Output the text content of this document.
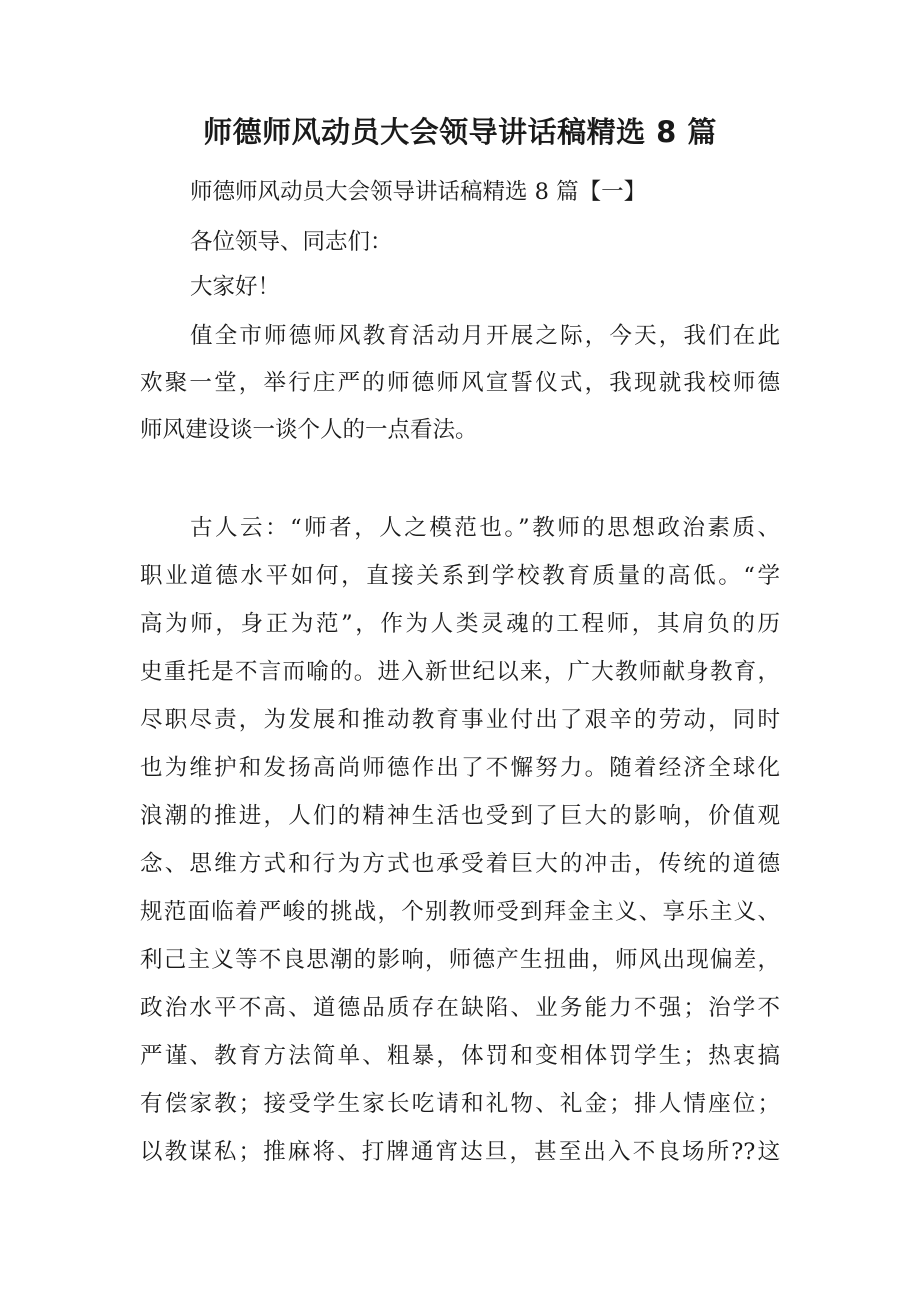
师德师风动员大会领导讲话稿精选 8 篇

师德师风动员大会领导讲话稿精选 8 篇【一】

各位领导、同志们：

大家好！

值全市师德师风教育活动月开展之际，今天，我们在此

欢聚一堂，举行庄严的师德师风宣誓仪式，我现就我校师德

师风建设谈一谈个人的一点看法。

古人云：“师者，人之模范也。”教师的思想政治素质、

职业道德水平如何，直接关系到学校教育质量的高低。“学

高为师，身正为范”，作为人类灵魂的工程师，其肩负的历

史重托是不言而喻的。进入新世纪以来，广大教师献身教育，

尽职尽责，为发展和推动教育事业付出了艰辛的劳动，同时

也为维护和发扬高尚师德作出了不懈努力。随着经济全球化

浪潮的推进，人们的精神生活也受到了巨大的影响，价值观

念、思维方式和行为方式也承受着巨大的冲击，传统的道德

规范面临着严峻的挑战，个别教师受到拜金主义、享乐主义、

利己主义等不良思潮的影响，师德产生扭曲，师风出现偏差，

政治水平不高、道德品质存在缺陷、业务能力不强；治学不

严谨、教育方法简单、粗暴，体罚和变相体罚学生；热衷搞

有偿家教；接受学生家长吃请和礼物、礼金；排人情座位；

以教谋私；推麻将、打牌通宵达旦，甚至出入不良场所??这
